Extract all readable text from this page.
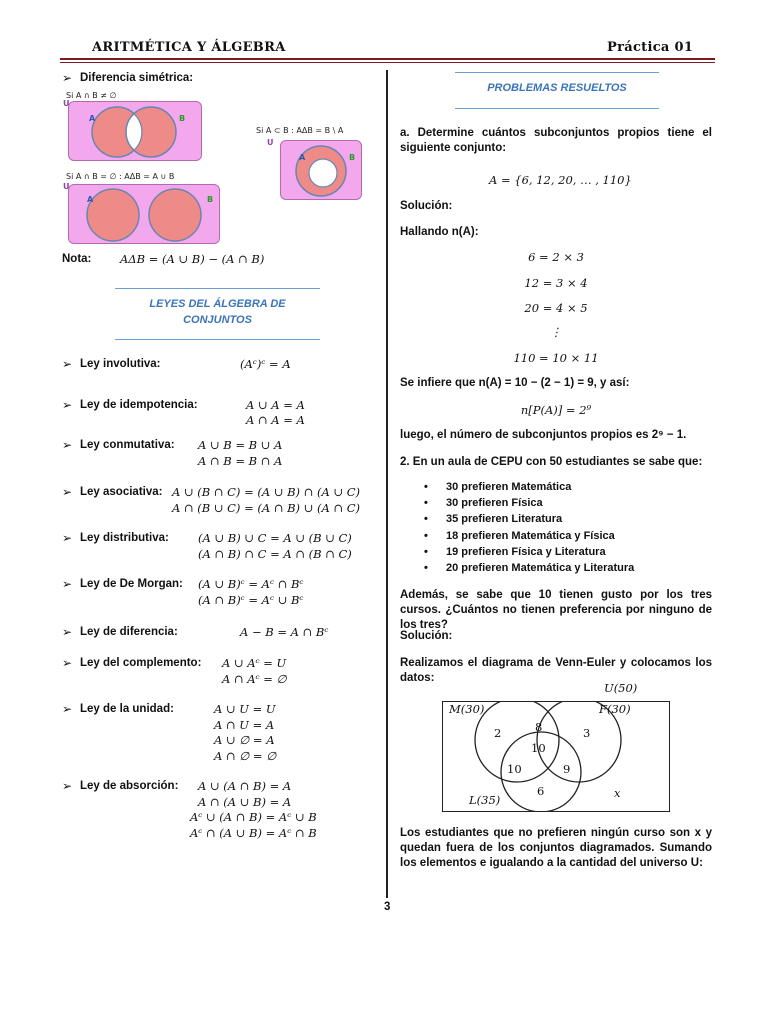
ARITMÉTICA Y ÁLGEBRA	Práctica 01
➢ Diferencia simétrica:
Si A ∩ B ≠ ∅
U
A	B
Si A ⊂ B : AΔB = B \ A
U
A	B
Si A ∩ B = ∅ : AΔB = A ∪ B
U
A	B
Nota: AΔB = (A ∪ B) − (A ∩ B)
LEYES DEL ÁLGEBRA DE
CONJUNTOS
➢ Ley involutiva:	(Aᶜ)ᶜ = A
➢ Ley de idempotencia:	A ∪ A = A
A ∩ A = A
➢ Ley conmutativa: A ∪ B = B ∪ A
A ∩ B = B ∩ A
➢ Ley asociativa: A ∪ (B ∩ C) = (A ∪ B) ∩ (A ∪ C)
A ∩ (B ∪ C) = (A ∩ B) ∪ (A ∩ C)
➢ Ley distributiva:	(A ∪ B) ∪ C = A ∪ (B ∪ C)
(A ∩ B) ∩ C = A ∩ (B ∩ C)
➢ Ley de De Morgan: (A ∪ B)ᶜ = Aᶜ ∩ Bᶜ
(A ∩ B)ᶜ = Aᶜ ∪ Bᶜ
➢ Ley de diferencia:	A − B = A ∩ Bᶜ
➢ Ley del complemento: A ∪ Aᶜ = U
A ∩ Aᶜ = ∅
➢ Ley de la unidad:	A ∪ U = U
A ∩ U = A
A ∪ ∅ = A
A ∩ ∅ = ∅
➢ Ley de absorción: A ∪ (A ∩ B) = A
A ∩ (A ∪ B) = A
Aᶜ ∪ (A ∩ B) = Aᶜ ∪ B
Aᶜ ∩ (A ∪ B) = Aᶜ ∩ B
PROBLEMAS RESUELTOS
a. Determine cuántos subconjuntos propios tiene el siguiente conjunto:
A = {6, 12, 20, … , 110}
Solución:
Hallando n(A):
6 = 2 × 3
12 = 3 × 4
20 = 4 × 5
⋮
110 = 10 × 11
Se infiere que n(A) = 10 − (2 − 1) = 9, y así:
n[P(A)] = 2⁹
luego, el número de subconjuntos propios es 2⁹ − 1.
2. En un aula de CEPU con 50 estudiantes se sabe que:
• 30 prefieren Matemática
• 30 prefieren Física
• 35 prefieren Literatura
• 18 prefieren Matemática y Física
• 19 prefieren Física y Literatura
• 20 prefieren Matemática y Literatura
Además, se sabe que 10 tienen gusto por los tres cursos. ¿Cuántos no tienen preferencia por ninguno de los tres?
Solución:
Realizamos el diagrama de Venn-Euler y colocamos los datos:
U(50)
M(30)	F(30)
L(35)	x
2	8	3
10
10	9
6
Los estudiantes que no prefieren ningún curso son x y quedan fuera de los conjuntos diagramados. Sumando los elementos e igualando a la cantidad del universo U:
3
